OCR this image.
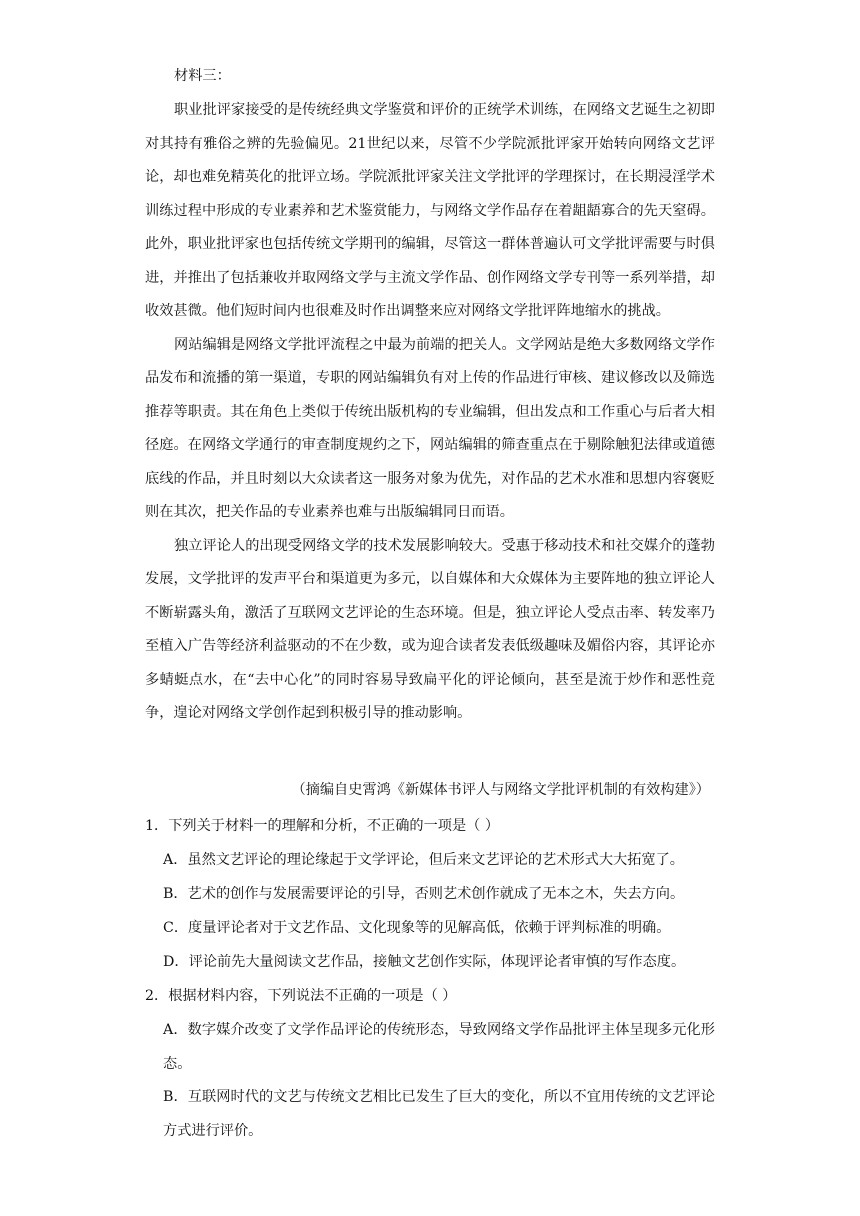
材料三：

职业批评家接受的是传统经典文学鉴赏和评价的正统学术训练，在网络文艺诞生之初即对其持有雅俗之辨的先验偏见。21世纪以来，尽管不少学院派批评家开始转向网络文艺评论，却也难免精英化的批评立场。学院派批评家关注文学批评的学理探讨，在长期浸淫学术训练过程中形成的专业素养和艺术鉴赏能力，与网络文学作品存在着龃龉寡合的先天窒碍。此外，职业批评家也包括传统文学期刊的编辑，尽管这一群体普遍认可文学批评需要与时俱进，并推出了包括兼收并取网络文学与主流文学作品、创作网络文学专刊等一系列举措，却收效甚微。他们短时间内也很难及时作出调整来应对网络文学批评阵地缩水的挑战。

网站编辑是网络文学批评流程之中最为前端的把关人。文学网站是绝大多数网络文学作品发布和流播的第一渠道，专职的网站编辑负有对上传的作品进行审核、建议修改以及筛选推荐等职责。其在角色上类似于传统出版机构的专业编辑，但出发点和工作重心与后者大相径庭。在网络文学通行的审查制度规约之下，网站编辑的筛查重点在于剔除触犯法律或道德底线的作品，并且时刻以大众读者这一服务对象为优先，对作品的艺术水准和思想内容褒贬则在其次，把关作品的专业素养也难与出版编辑同日而语。

独立评论人的出现受网络文学的技术发展影响较大。受惠于移动技术和社交媒介的蓬勃发展，文学批评的发声平台和渠道更为多元，以自媒体和大众媒体为主要阵地的独立评论人不断崭露头角，激活了互联网文艺评论的生态环境。但是，独立评论人受点击率、转发率乃至植入广告等经济利益驱动的不在少数，或为迎合读者发表低级趣味及媚俗内容，其评论亦多蜻蜓点水，在“去中心化”的同时容易导致扁平化的评论倾向，甚至是流于炒作和恶性竞争，遑论对网络文学创作起到积极引导的推动影响。

（摘编自史霄鸿《新媒体书评人与网络文学批评机制的有效构建》）
1．下列关于材料一的理解和分析，不正确的一项是（ ）
A．虽然文艺评论的理论缘起于文学评论，但后来文艺评论的艺术形式大大拓宽了。
B．艺术的创作与发展需要评论的引导，否则艺术创作就成了无本之木，失去方向。
C．度量评论者对于文艺作品、文化现象等的见解高低，依赖于评判标准的明确。
D．评论前先大量阅读文艺作品，接触文艺创作实际，体现评论者审慎的写作态度。
2．根据材料内容，下列说法不正确的一项是（ ）
A．数字媒介改变了文学作品评论的传统形态，导致网络文学作品批评主体呈现多元化形态。
B．互联网时代的文艺与传统文艺相比已发生了巨大的变化，所以不宜用传统的文艺评论方式进行评价。
